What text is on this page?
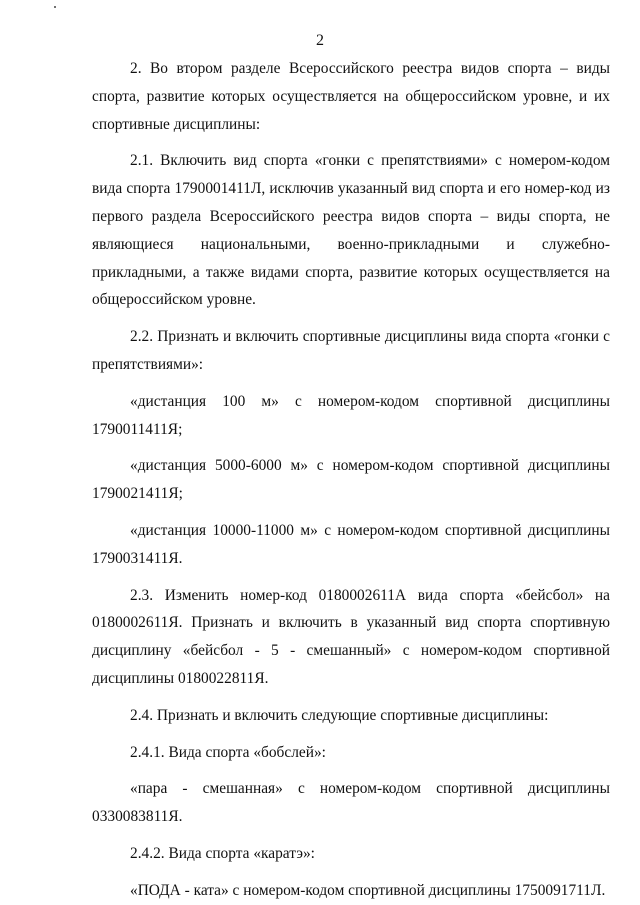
2

2. Во втором разделе Всероссийского реестра видов спорта – виды спорта, развитие которых осуществляется на общероссийском уровне, и их спортивные дисциплины:

2.1. Включить вид спорта «гонки с препятствиями» с номером-кодом вида спорта 1790001411Л, исключив указанный вид спорта и его номер-код из первого раздела Всероссийского реестра видов спорта – виды спорта, не являющиеся национальными, военно-прикладными и служебно-прикладными, а также видами спорта, развитие которых осуществляется на общероссийском уровне.

2.2. Признать и включить спортивные дисциплины вида спорта «гонки с препятствиями»:

«дистанция 100 м» с номером-кодом спортивной дисциплины 1790011411Я;

«дистанция 5000-6000 м» с номером-кодом спортивной дисциплины 1790021411Я;

«дистанция 10000-11000 м» с номером-кодом спортивной дисциплины 1790031411Я.

2.3. Изменить номер-код 0180002611А вида спорта «бейсбол» на 0180002611Я. Признать и включить в указанный вид спорта спортивную дисциплину «бейсбол - 5 - смешанный» с номером-кодом спортивной дисциплины 0180022811Я.

2.4. Признать и включить следующие спортивные дисциплины:

2.4.1. Вида спорта «бобслей»:

«пара - смешанная» с номером-кодом спортивной дисциплины 0330083811Я.

2.4.2. Вида спорта «каратэ»:

«ПОДА - ката» с номером-кодом спортивной дисциплины 1750091711Л.
